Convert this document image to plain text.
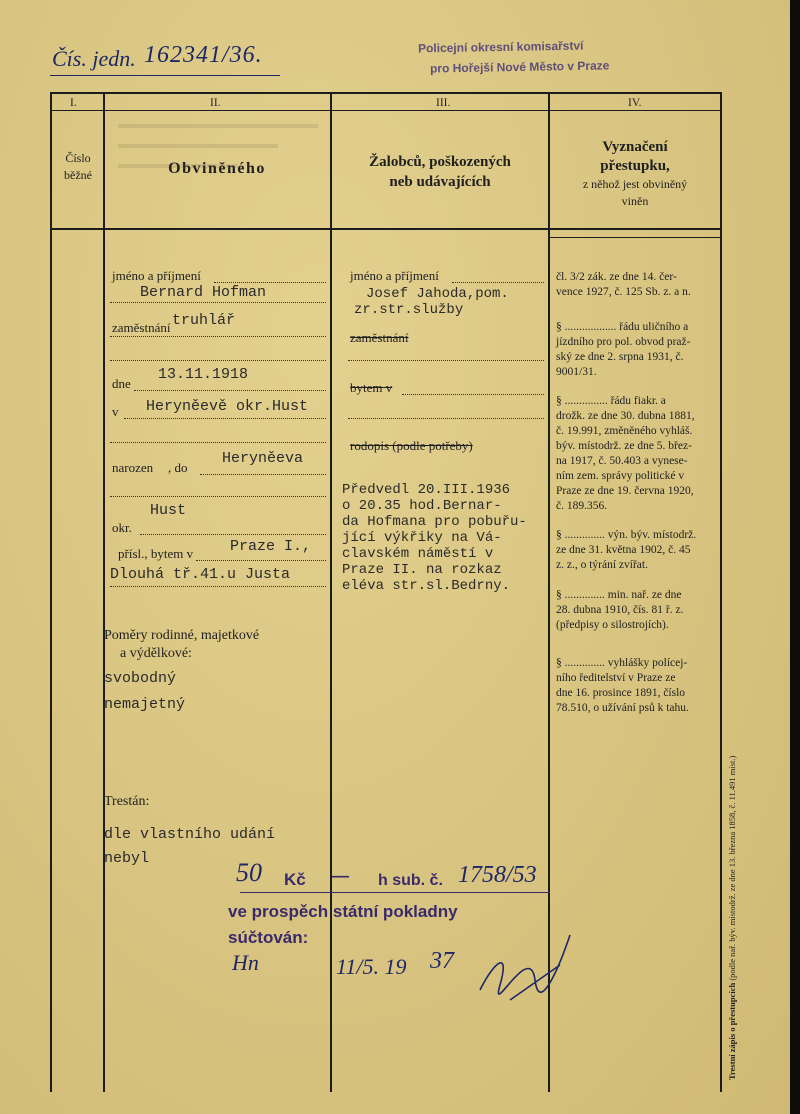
Čís. jedn. 162341/36.	Policejní okresní komisařství
pro Hořejší Nové Město v Praze
I.	II.	III.	IV.
Číslo
běžné	Obviněného	Žalobců, poškozených
neb udávajících
Vyznačení
přestupku,
z něhož jest obviněný
viněn
jméno a příjmení
Bernard Hofman
zaměstnání truhlář
dne
13.11.1918
v Heryněevě okr.Hust
narozen , do
Heryněeva
Hust
okr.
přísl., bytem v Praze I.,
Dlouhá tř.41.u Justa
Poměry rodinné, majetkové
a výdělkové:
svobodný
nemajetný
Trestán:
dle vlastního udání
nebyl
jméno a příjmení
Josef Jahoda,pom.
zr.str.služby
zaměstnání
bytem v
rodopis (podle potřeby)
Předvedl 20.III.1936
o 20.35 hod.Bernar-
da Hofmana pro pobuřu-
jící výkřiky na Vá-
clavském náměstí v
Praze II. na rozkaz
eléva str.sl.Bedrny.
čl. 3/2 zák. ze dne 14. čer-
vence 1927, č. 125 Sb. z. a n.
§ .................. řádu uličního a
jízdního pro pol. obvod praž-
ský ze dne 2. srpna 1931, č.
9001/31.
§ ............... řádu fiakr. a
drožk. ze dne 30. dubna 1881,
č. 19.991, změněného vyhláš.
býv. místodrž. ze dne 5. břez-
na 1917, č. 50.403 a vynese-
ním zem. správy politické v
Praze ze dne 19. června 1920,
č. 189.356.
§ .............. výn. býv. místodrž.
ze dne 31. května 1902, č. 45
z. z., o týrání zvířat.
§ .............. min. nař. ze dne
28. dubna 1910, čís. 81 ř. z.
(předpisy o silostrojích).
§ .............. vyhlášky polícej-
ního ředitelství v Praze ze
dne 16. prosince 1891, číslo
78.510, o užívání psů k tahu.
Trestní zápis o přestupcích (podle nař. býv. místodrž. ze dne 13. března 1858, č. 11.491 míst.)
50 Kč — h sub. č. 1758/53
ve prospěch státní pokladny
súčtován:
Hn	11/5. 19 37
